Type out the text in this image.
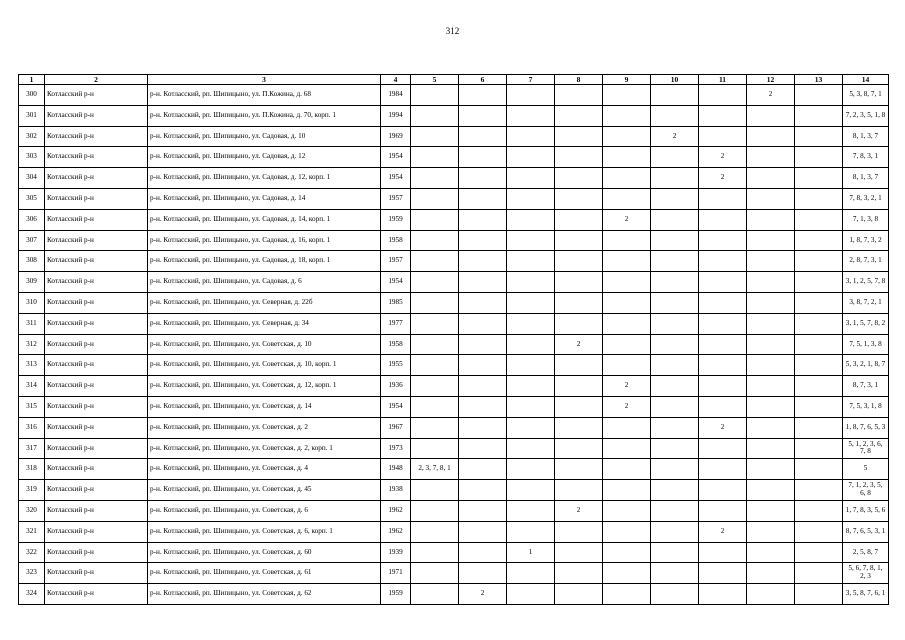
312
1	2	3	4	5	6	7	8	9	10	11	12	13	14
300	Котласский р-н	р-н. Котласский, рп. Шипицыно, ул. П.Кожина, д. 68	1984								2		5, 3, 8, 7, 1
301	Котласский р-н	р-н. Котласский, рп. Шипицыно, ул. П.Кожина, д. 70, корп. 1	1994										7, 2, 3, 5, 1, 8
302	Котласский р-н	р-н. Котласский, рп. Шипицыно, ул. Садовая, д. 10	1969						2				8, 1, 3, 7
303	Котласский р-н	р-н. Котласский, рп. Шипицыно, ул. Садовая, д. 12	1954							2			7, 8, 3, 1
304	Котласский р-н	р-н. Котласский, рп. Шипицыно, ул. Садовая, д. 12, корп. 1	1954							2			8, 1, 3, 7
305	Котласский р-н	р-н. Котласский, рп. Шипицыно, ул. Садовая, д. 14	1957										7, 8, 3, 2, 1
306	Котласский р-н	р-н. Котласский, рп. Шипицыно, ул. Садовая, д. 14, корп. 1	1959					2					7, 1, 3, 8
307	Котласский р-н	р-н. Котласский, рп. Шипицыно, ул. Садовая, д. 16, корп. 1	1958										1, 8, 7, 3, 2
308	Котласский р-н	р-н. Котласский, рп. Шипицыно, ул. Садовая, д. 18, корп. 1	1957										2, 8, 7, 3, 1
309	Котласский р-н	р-н. Котласский, рп. Шипицыно, ул. Садовая, д. 6	1954										3, 1, 2, 5, 7, 8
310	Котласский р-н	р-н. Котласский, рп. Шипицыно, ул. Северная, д. 22б	1985										3, 8, 7, 2, 1
311	Котласский р-н	р-н. Котласский, рп. Шипицыно, ул. Северная, д. 34	1977										3, 1, 5, 7, 8, 2
312	Котласский р-н	р-н. Котласский, рп. Шипицыно, ул. Советская, д. 10	1958				2						7, 5, 1, 3, 8
313	Котласский р-н	р-н. Котласский, рп. Шипицыно, ул. Советская, д. 10, корп. 1	1955										5, 3, 2, 1, 8, 7
314	Котласский р-н	р-н. Котласский, рп. Шипицыно, ул. Советская, д. 12, корп. 1	1936					2					8, 7, 3, 1
315	Котласский р-н	р-н. Котласский, рп. Шипицыно, ул. Советская, д. 14	1954					2					7, 5, 3, 1, 8
316	Котласский р-н	р-н. Котласский, рп. Шипицыно, ул. Советская, д. 2	1967							2			1, 8, 7, 6, 5, 3
317	Котласский р-н	р-н. Котласский, рп. Шипицыно, ул. Советская, д. 2, корп. 1	1973										5, 1, 2, 3, 6, 7, 8
318	Котласский р-н	р-н. Котласский, рп. Шипицыно, ул. Советская, д. 4	1948	2, 3, 7, 8, 1									5
319	Котласский р-н	р-н. Котласский, рп. Шипицыно, ул. Советская, д. 45	1938										7, 1, 2, 3, 5, 6, 8
320	Котласский р-н	р-н. Котласский, рп. Шипицыно, ул. Советская, д. 6	1962				2						1, 7, 8, 3, 5, 6
321	Котласский р-н	р-н. Котласский, рп. Шипицыно, ул. Советская, д. 6, корп. 1	1962							2			8, 7, 6, 5, 3, 1
322	Котласский р-н	р-н. Котласский, рп. Шипицыно, ул. Советская, д. 60	1939			1							2, 5, 8, 7
323	Котласский р-н	р-н. Котласский, рп. Шипицыно, ул. Советская, д. 61	1971										5, 6, 7, 8, 1, 2, 3
324	Котласский р-н	р-н. Котласский, рп. Шипицыно, ул. Советская, д. 62	1959		2								3, 5, 8, 7, 6, 1
